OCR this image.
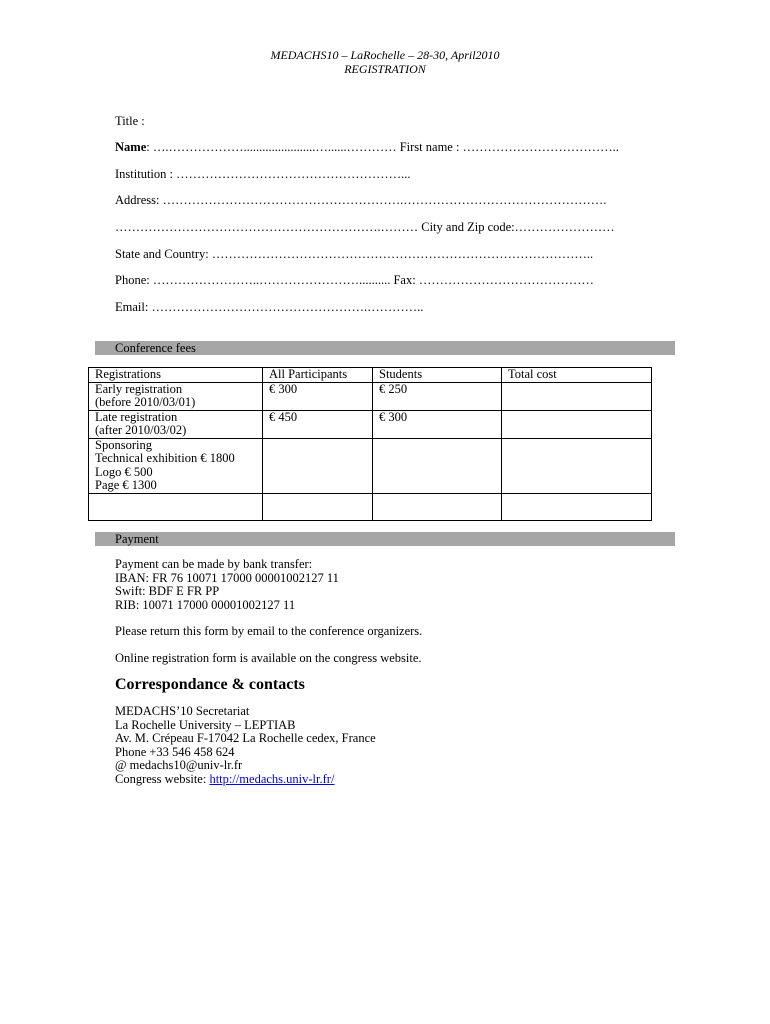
MEDACHS10 – LaRochelle – 28-30, April2010
REGISTRATION
Title :
Name: ….……………….......................…......………… First name : ………………………………..
Institution : ………………………………………………...
Address: ………………………………………………….………………………………………….
……………………………………………………….……… City and Zip code:……………………
State and Country: ………………………………………………………………………………..
Phone: ……………………..…………………….......... Fax: ……………………………………
Email: …………………………………………….…………..
Conference fees
Registrations	All Participants	Students	Total cost

Early registration
(before 2010/03/01)	€ 300	€ 250	

Late registration
(after 2010/03/02)	€ 450	€ 300	

Sponsoring
Technical exhibition € 1800
Logo € 500
Page € 1300			

Payment
Payment can be made by bank transfer:
IBAN: FR 76 10071 17000 00001002127 11
Swift: BDF E FR PP
RIB: 10071 17000 00001002127 11
Please return this form by email to the conference organizers.
Online registration form is available on the congress website.
Correspondance & contacts
MEDACHS’10 Secretariat
La Rochelle University – LEPTIAB
Av. M. Crépeau F-17042 La Rochelle cedex, France
Phone +33 546 458 624
@ medachs10@univ-lr.fr
Congress website: http://medachs.univ-lr.fr/
